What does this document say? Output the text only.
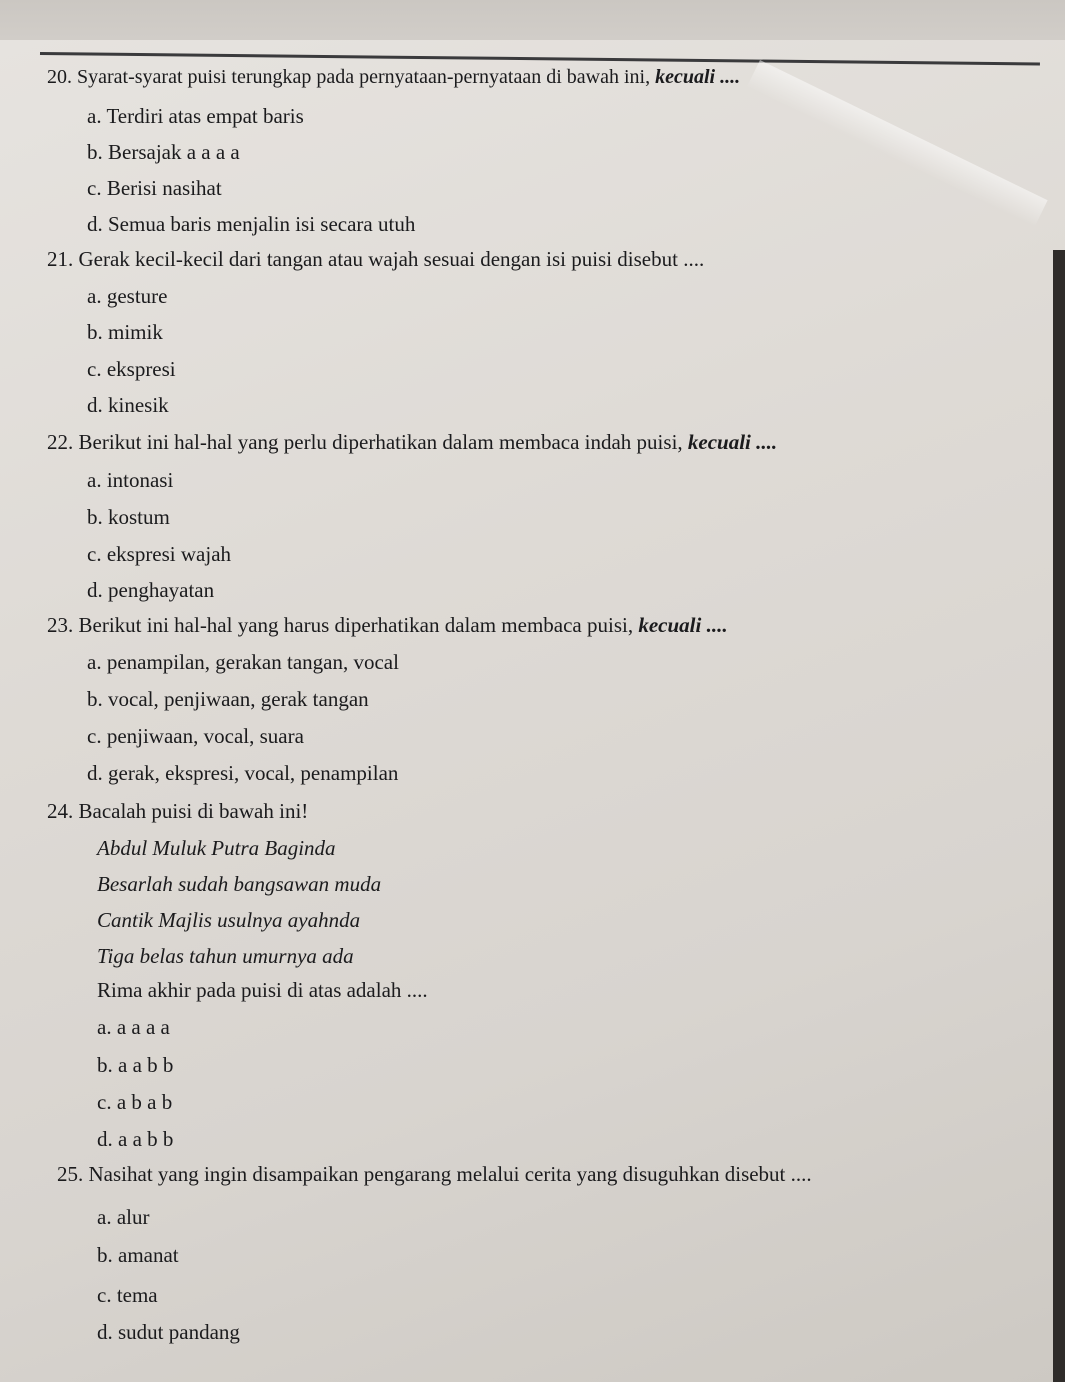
20. Syarat-syarat puisi terungkap pada pernyataan-pernyataan di bawah ini, kecuali ....
a. Terdiri atas empat baris
b. Bersajak a a a a
c. Berisi nasihat
d. Semua baris menjalin isi secara utuh
21. Gerak kecil-kecil dari tangan atau wajah sesuai dengan isi puisi disebut ....
a. gesture
b. mimik
c. ekspresi
d. kinesik
22. Berikut ini hal-hal yang perlu diperhatikan dalam membaca indah puisi, kecuali ....
a. intonasi
b. kostum
c. ekspresi wajah
d. penghayatan
23. Berikut ini hal-hal yang harus diperhatikan dalam membaca puisi, kecuali ....
a. penampilan, gerakan tangan, vocal
b. vocal, penjiwaan, gerak tangan
c. penjiwaan, vocal, suara
d. gerak, ekspresi, vocal, penampilan
24. Bacalah puisi di bawah ini!
Abdul Muluk Putra Baginda
Besarlah sudah bangsawan muda
Cantik Majlis usulnya ayahnda
Tiga belas tahun umurnya ada
Rima akhir pada puisi di atas adalah ....
a. a a a a
b. a a b b
c. a b a b
d. a a b b
25. Nasihat yang ingin disampaikan pengarang melalui cerita yang disuguhkan disebut ....
a. alur
b. amanat
c. tema
d. sudut pandang
